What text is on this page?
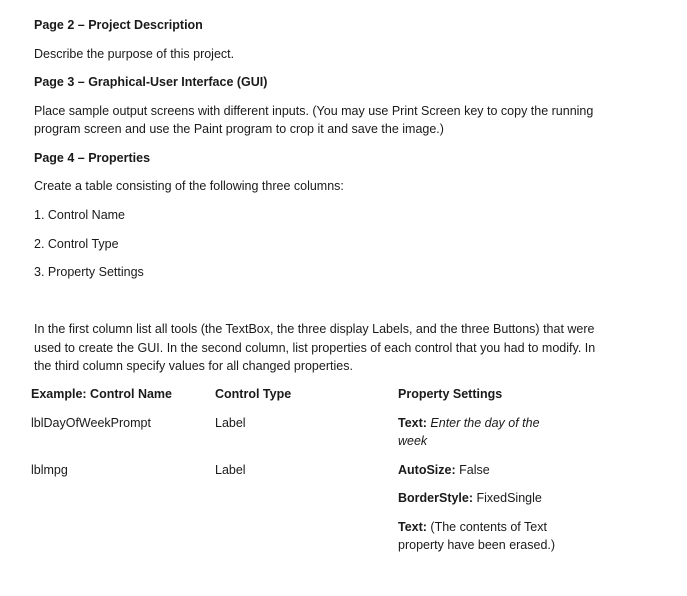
Page 2 – Project Description
Describe the purpose of this project.
Page 3 – Graphical-User Interface (GUI)
Place sample output screens with different inputs. (You may use Print Screen key to copy the running
program screen and use the Paint program to crop it and save the image.)
Page 4 – Properties
Create a table consisting of the following three columns:
1. Control Name
2. Control Type
3. Property Settings
In the first column list all tools (the TextBox, the three display Labels, and the three Buttons) that were
used to create the GUI. In the second column, list properties of each control that you had to modify. In
the third column specify values for all changed properties.
Example: Control Name	Control Type	Property Settings
lblDayOfWeekPrompt	Label	Text: Enter the day of the
week
lblmpg	Label	AutoSize: False
BorderStyle: FixedSingle
Text: (The contents of Text
property have been erased.)
